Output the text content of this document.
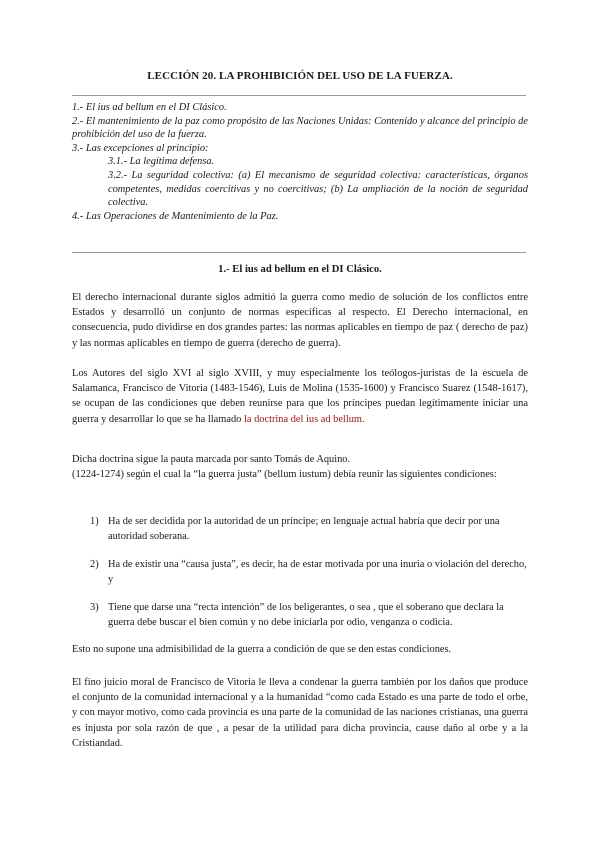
LECCIÓN 20. LA PROHIBICIÓN DEL USO DE LA FUERZA.

1.- El ius ad bellum en el DI Clásico.

2.- El mantenimiento de la paz como propósito de las Naciones Unidas: Contenido y alcance del principio de prohibición del uso de la fuerza.

3.- Las excepciones al principio:

3.1.- La legítima defensa.

3.2.- La seguridad colectiva: (a) El mecanismo de seguridad colectiva: características, órganos competentes, medidas coercitivas y no coercitivas; (b) La ampliación de la noción de seguridad colectiva.

4.- Las Operaciones de Mantenimiento de la Paz.

1.- El ius ad bellum en el DI Clásico.

El derecho internacional durante siglos admitió la guerra como medio de solución de los conflictos entre Estados y desarrolló un conjunto de normas específicas al respecto. El Derecho internacional, en consecuencia, pudo dividirse en dos grandes partes: las normas aplicables en tiempo de paz ( derecho de paz) y las normas aplicables en tiempo de guerra (derecho de guerra).

Los Autores del siglo XVI al siglo XVIII, y muy especialmente los teólogos-juristas de la escuela de Salamanca, Francisco de Vitoria (1483-1546), Luis de Molina (1535-1600) y Francisco Suarez (1548-1617), se ocupan de las condiciones que deben reunirse para que los príncipes puedan legítimamente iniciar una guerra y desarrollar lo que se ha llamado la doctrina del ius ad bellum.

Dicha doctrina sigue la pauta marcada por santo Tomás de Aquino.

(1224-1274) según el cual la “la guerra justa” (bellum iustum) debía reunir las siguientes condiciones:

1) Ha de ser decidida por la autoridad de un príncipe; en lenguaje actual habría que decir por una autoridad soberana.
2) Ha de existir una “causa justa”, es decir, ha de estar motivada por una inuria o violación del derecho, y
3) Tiene que darse una “recta intención” de los beligerantes, o sea , que el soberano que declara la guerra debe buscar el bien común y no debe iniciarla por odio, venganza o codicia.

Esto no supone una admisibilidad de la guerra a condición de que se den estas condiciones.

El fino juicio moral de Francisco de Vitoria le lleva a condenar la guerra también por los daños que produce el conjunto de la comunidad internacional y a la humanidad “como cada Estado es una parte de todo el orbe, y con mayor motivo, como cada provincia es una parte de la comunidad de las naciones cristianas, una guerra es injusta por sola razón de que , a pesar de la utilidad para dicha provincia, cause daño al orbe y a la Cristiandad.
